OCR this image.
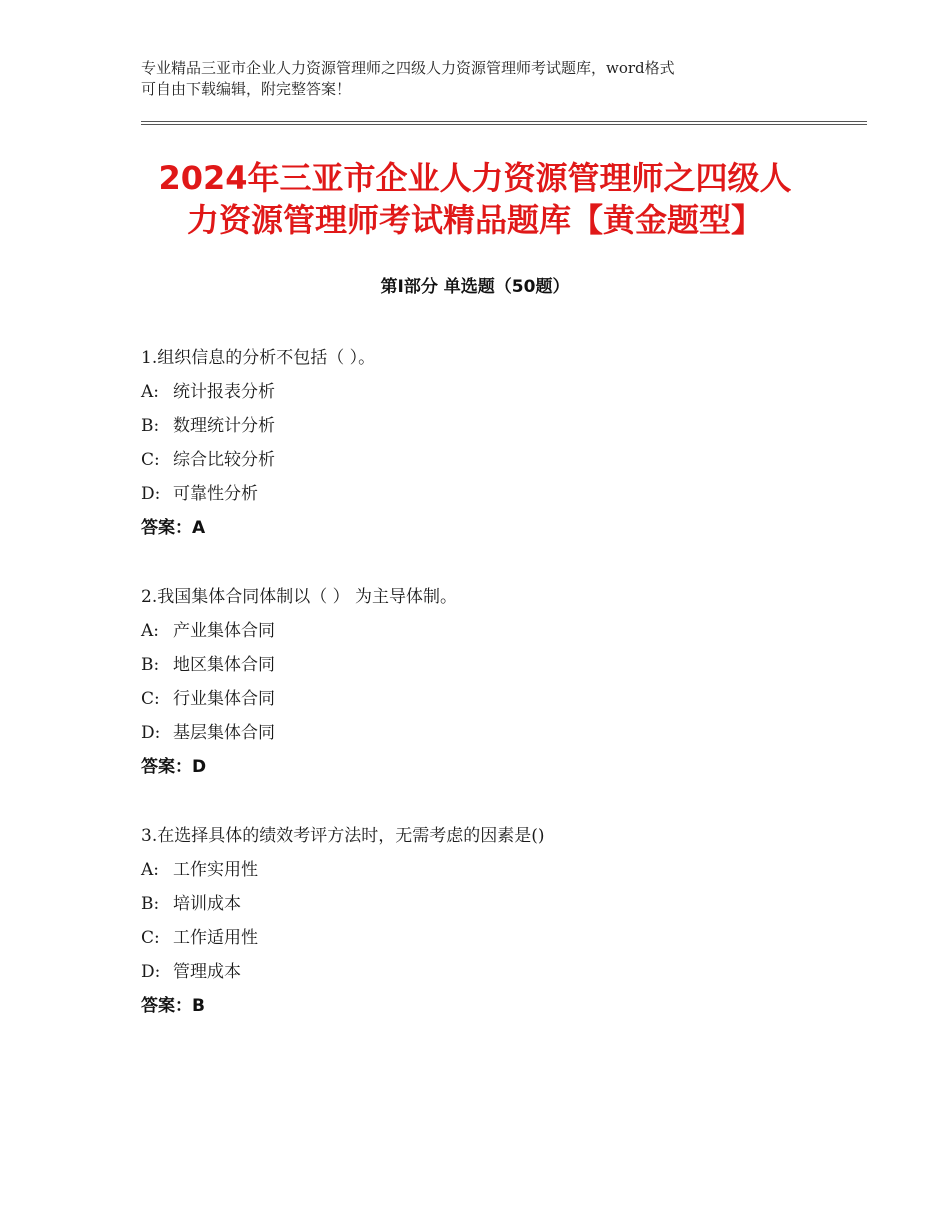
专业精品三亚市企业人力资源管理师之四级人力资源管理师考试题库，word格式
可自由下载编辑，附完整答案！
2024年三亚市企业人力资源管理师之四级人
力资源管理师考试精品题库【黄金题型】
第Ⅰ部分 单选题（50题）
1.组织信息的分析不包括（ ）。
A: 统计报表分析
B: 数理统计分析
C: 综合比较分析
D: 可靠性分析
答案：A
2.我国集体合同体制以（ ） 为主导体制。
A: 产业集体合同
B: 地区集体合同
C: 行业集体合同
D: 基层集体合同
答案：D
3.在选择具体的绩效考评方法时，无需考虑的因素是()
A: 工作实用性
B: 培训成本
C: 工作适用性
D: 管理成本
答案：B
